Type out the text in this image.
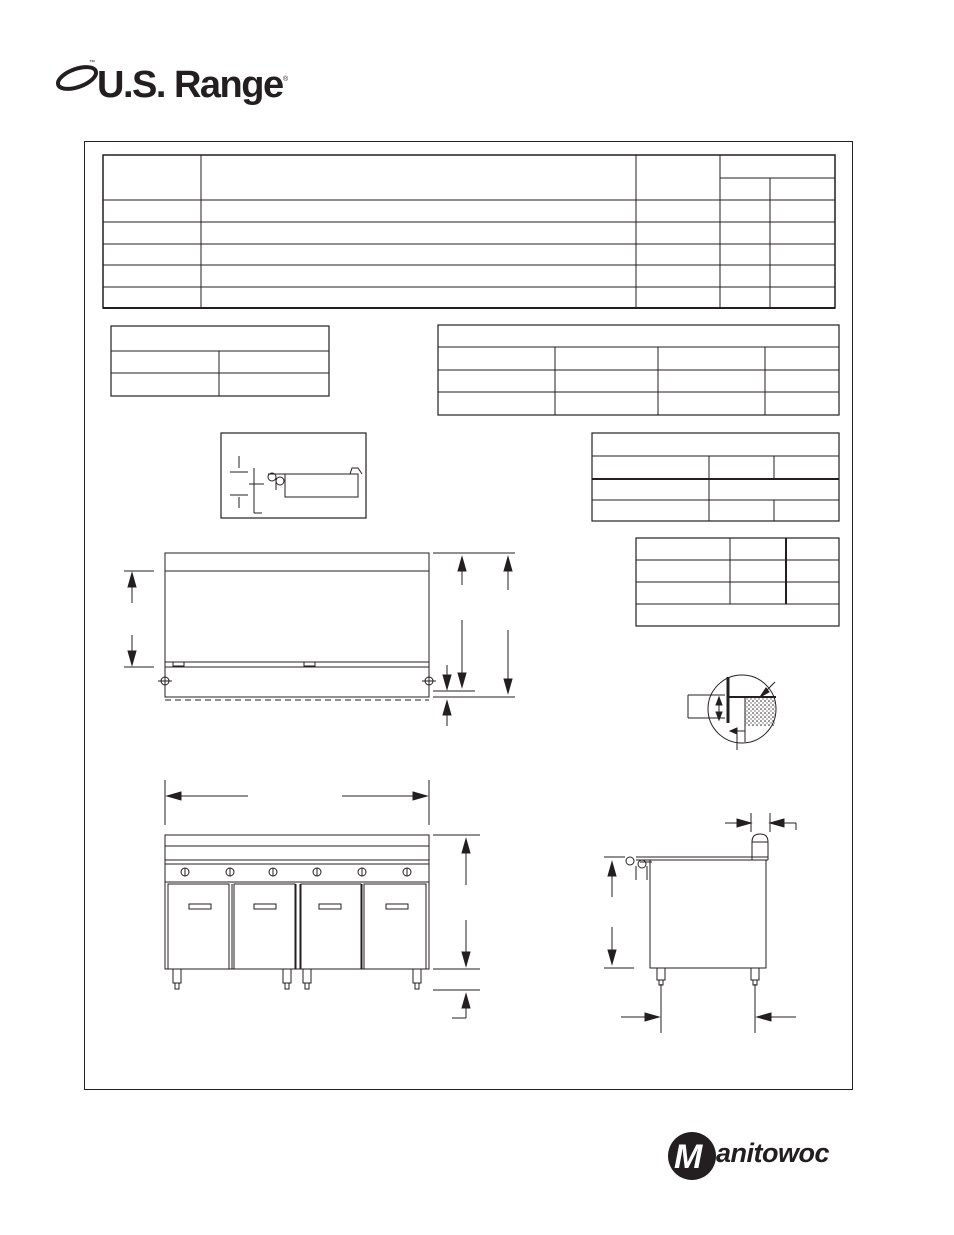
™
U.S. Range ®
M anitowoc
